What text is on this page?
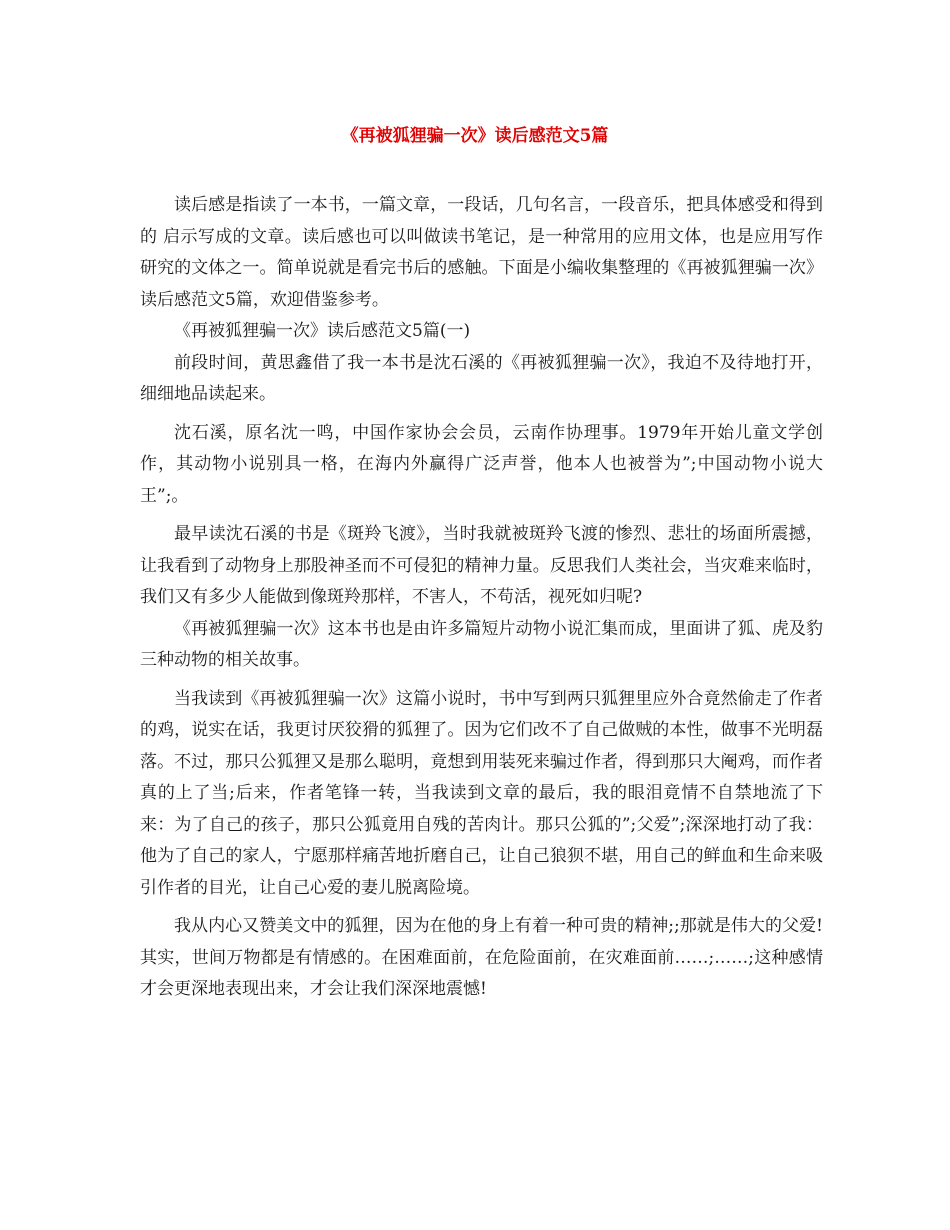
《再被狐狸骗一次》读后感范文5篇

读后感是指读了一本书，一篇文章，一段话，几句名言，一段音乐，把具体感受和得到的 启示写成的文章。读后感也可以叫做读书笔记，是一种常用的应用文体，也是应用写作研究的文体之一。简单说就是看完书后的感触。下面是小编收集整理的《再被狐狸骗一次》读后感范文5篇，欢迎借鉴参考。

《再被狐狸骗一次》读后感范文5篇(一)

前段时间，黄思鑫借了我一本书是沈石溪的《再被狐狸骗一次》，我迫不及待地打开，细细地品读起来。

沈石溪，原名沈一鸣，中国作家协会会员，云南作协理事。1979年开始儿童文学创作，其动物小说别具一格，在海内外赢得广泛声誉，他本人也被誉为”;中国动物小说大王”;。

最早读沈石溪的书是《斑羚飞渡》，当时我就被斑羚飞渡的惨烈、悲壮的场面所震撼，让我看到了动物身上那股神圣而不可侵犯的精神力量。反思我们人类社会，当灾难来临时，我们又有多少人能做到像斑羚那样，不害人，不苟活，视死如归呢?

《再被狐狸骗一次》这本书也是由许多篇短片动物小说汇集而成，里面讲了狐、虎及豹三种动物的相关故事。

当我读到《再被狐狸骗一次》这篇小说时，书中写到两只狐狸里应外合竟然偷走了作者的鸡，说实在话，我更讨厌狡猾的狐狸了。因为它们改不了自己做贼的本性，做事不光明磊落。不过，那只公狐狸又是那么聪明，竟想到用装死来骗过作者，得到那只大阉鸡，而作者真的上了当;后来，作者笔锋一转，当我读到文章的最后，我的眼泪竟情不自禁地流了下来：为了自己的孩子，那只公狐竟用自残的苦肉计。那只公狐的”;父爱”;深深地打动了我：他为了自己的家人，宁愿那样痛苦地折磨自己，让自己狼狈不堪，用自己的鲜血和生命来吸引作者的目光，让自己心爱的妻儿脱离险境。

我从内心又赞美文中的狐狸，因为在他的身上有着一种可贵的精神;;那就是伟大的父爱!其实，世间万物都是有情感的。在困难面前，在危险面前，在灾难面前……;……;这种感情才会更深地表现出来，才会让我们深深地震憾!
